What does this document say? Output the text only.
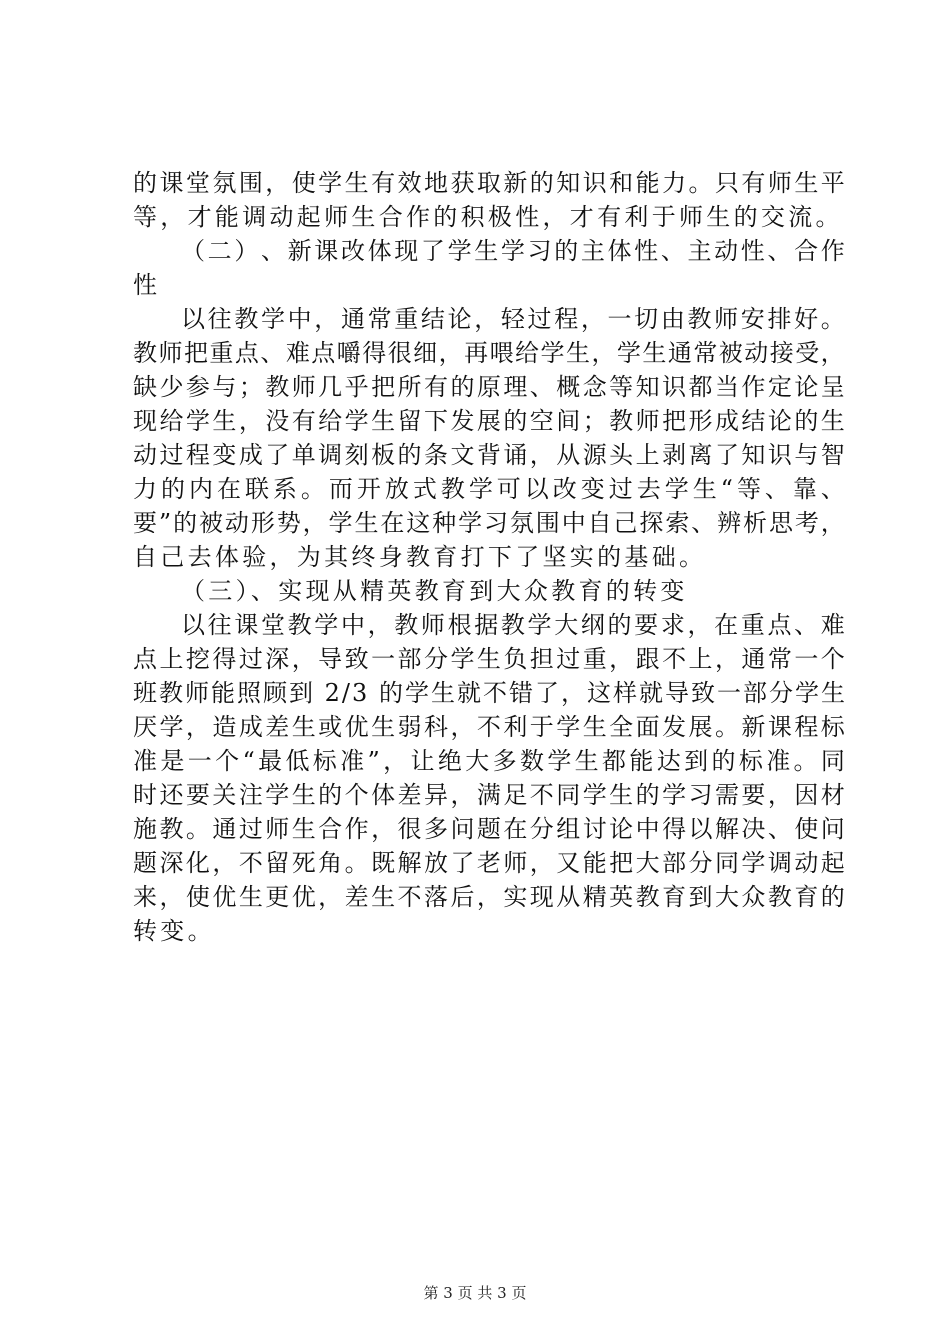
的 课 堂 氛 围 ， 使 学 生 有 效 地 获 取 新 的 知 识 和 能 力 。 只 有 师 生 平
等，才能调动起师生合作的积极性，才有利于师生的交流。
（ 二 ） 、 新 课 改 体 现 了 学 生 学 习 的 主 体 性 、 主 动 性 、 合 作
性
以 往 教 学 中 ， 通 常 重 结 论 ， 轻 过 程 ， 一 切 由 教 师 安 排 好 。
教 师 把 重 点 、 难 点 嚼 得 很 细 ， 再 喂 给 学 生 ， 学 生 通 常 被 动 接 受 ，
缺 少 参 与 ； 教 师 几 乎 把 所 有 的 原 理 、 概 念 等 知 识 都 当 作 定 论 呈
现 给 学 生 ， 没 有 给 学 生 留 下 发 展 的 空 间 ； 教 师 把 形 成 结 论 的 生
动 过 程 变 成 了 单 调 刻 板 的 条 文 背 诵 ， 从 源 头 上 剥 离 了 知 识 与 智
力 的 内 在 联 系 。 而 开 放 式 教 学 可 以 改 变 过 去 学 生 “ 等 、 靠 、
要 ” 的 被 动 形 势 ， 学 生 在 这 种 学 习 氛 围 中 自 己 探 索 、 辨 析 思 考 ，
自己去体验，为其终身教育打下了坚实的基础。
（三）、实现从精英教育到大众教育的转变
以 往 课 堂 教 学 中 ， 教 师 根 据 教 学 大 纲 的 要 求 ， 在 重 点 、 难
点 上 挖 得 过 深 ， 导 致 一 部 分 学 生 负 担 过 重 ， 跟 不 上 ， 通 常 一 个
班 教 师 能 照 顾 到
2 / 3
的 学 生 就 不 错 了 ， 这 样 就 导 致 一 部 分 学 生
厌 学 ， 造 成 差 生 或 优 生 弱 科 ， 不 利 于 学 生 全 面 发 展 。 新 课 程 标
准 是 一 个 “ 最 低 标 准 ” ， 让 绝 大 多 数 学 生 都 能 达 到 的 标 准 。 同
时 还 要 关 注 学 生 的 个 体 差 异 ， 满 足 不 同 学 生 的 学 习 需 要 ， 因 材
施 教 。 通 过 师 生 合 作 ， 很 多 问 题 在 分 组 讨 论 中 得 以 解 决 、 使 问
题 深 化 ， 不 留 死 角 。 既 解 放 了 老 师 ， 又 能 把 大 部 分 同 学 调 动 起
来 ， 使 优 生 更 优 ， 差 生 不 落 后 ， 实 现 从 精 英 教 育 到 大 众 教 育 的
转变。
第 3 页 共 3 页
